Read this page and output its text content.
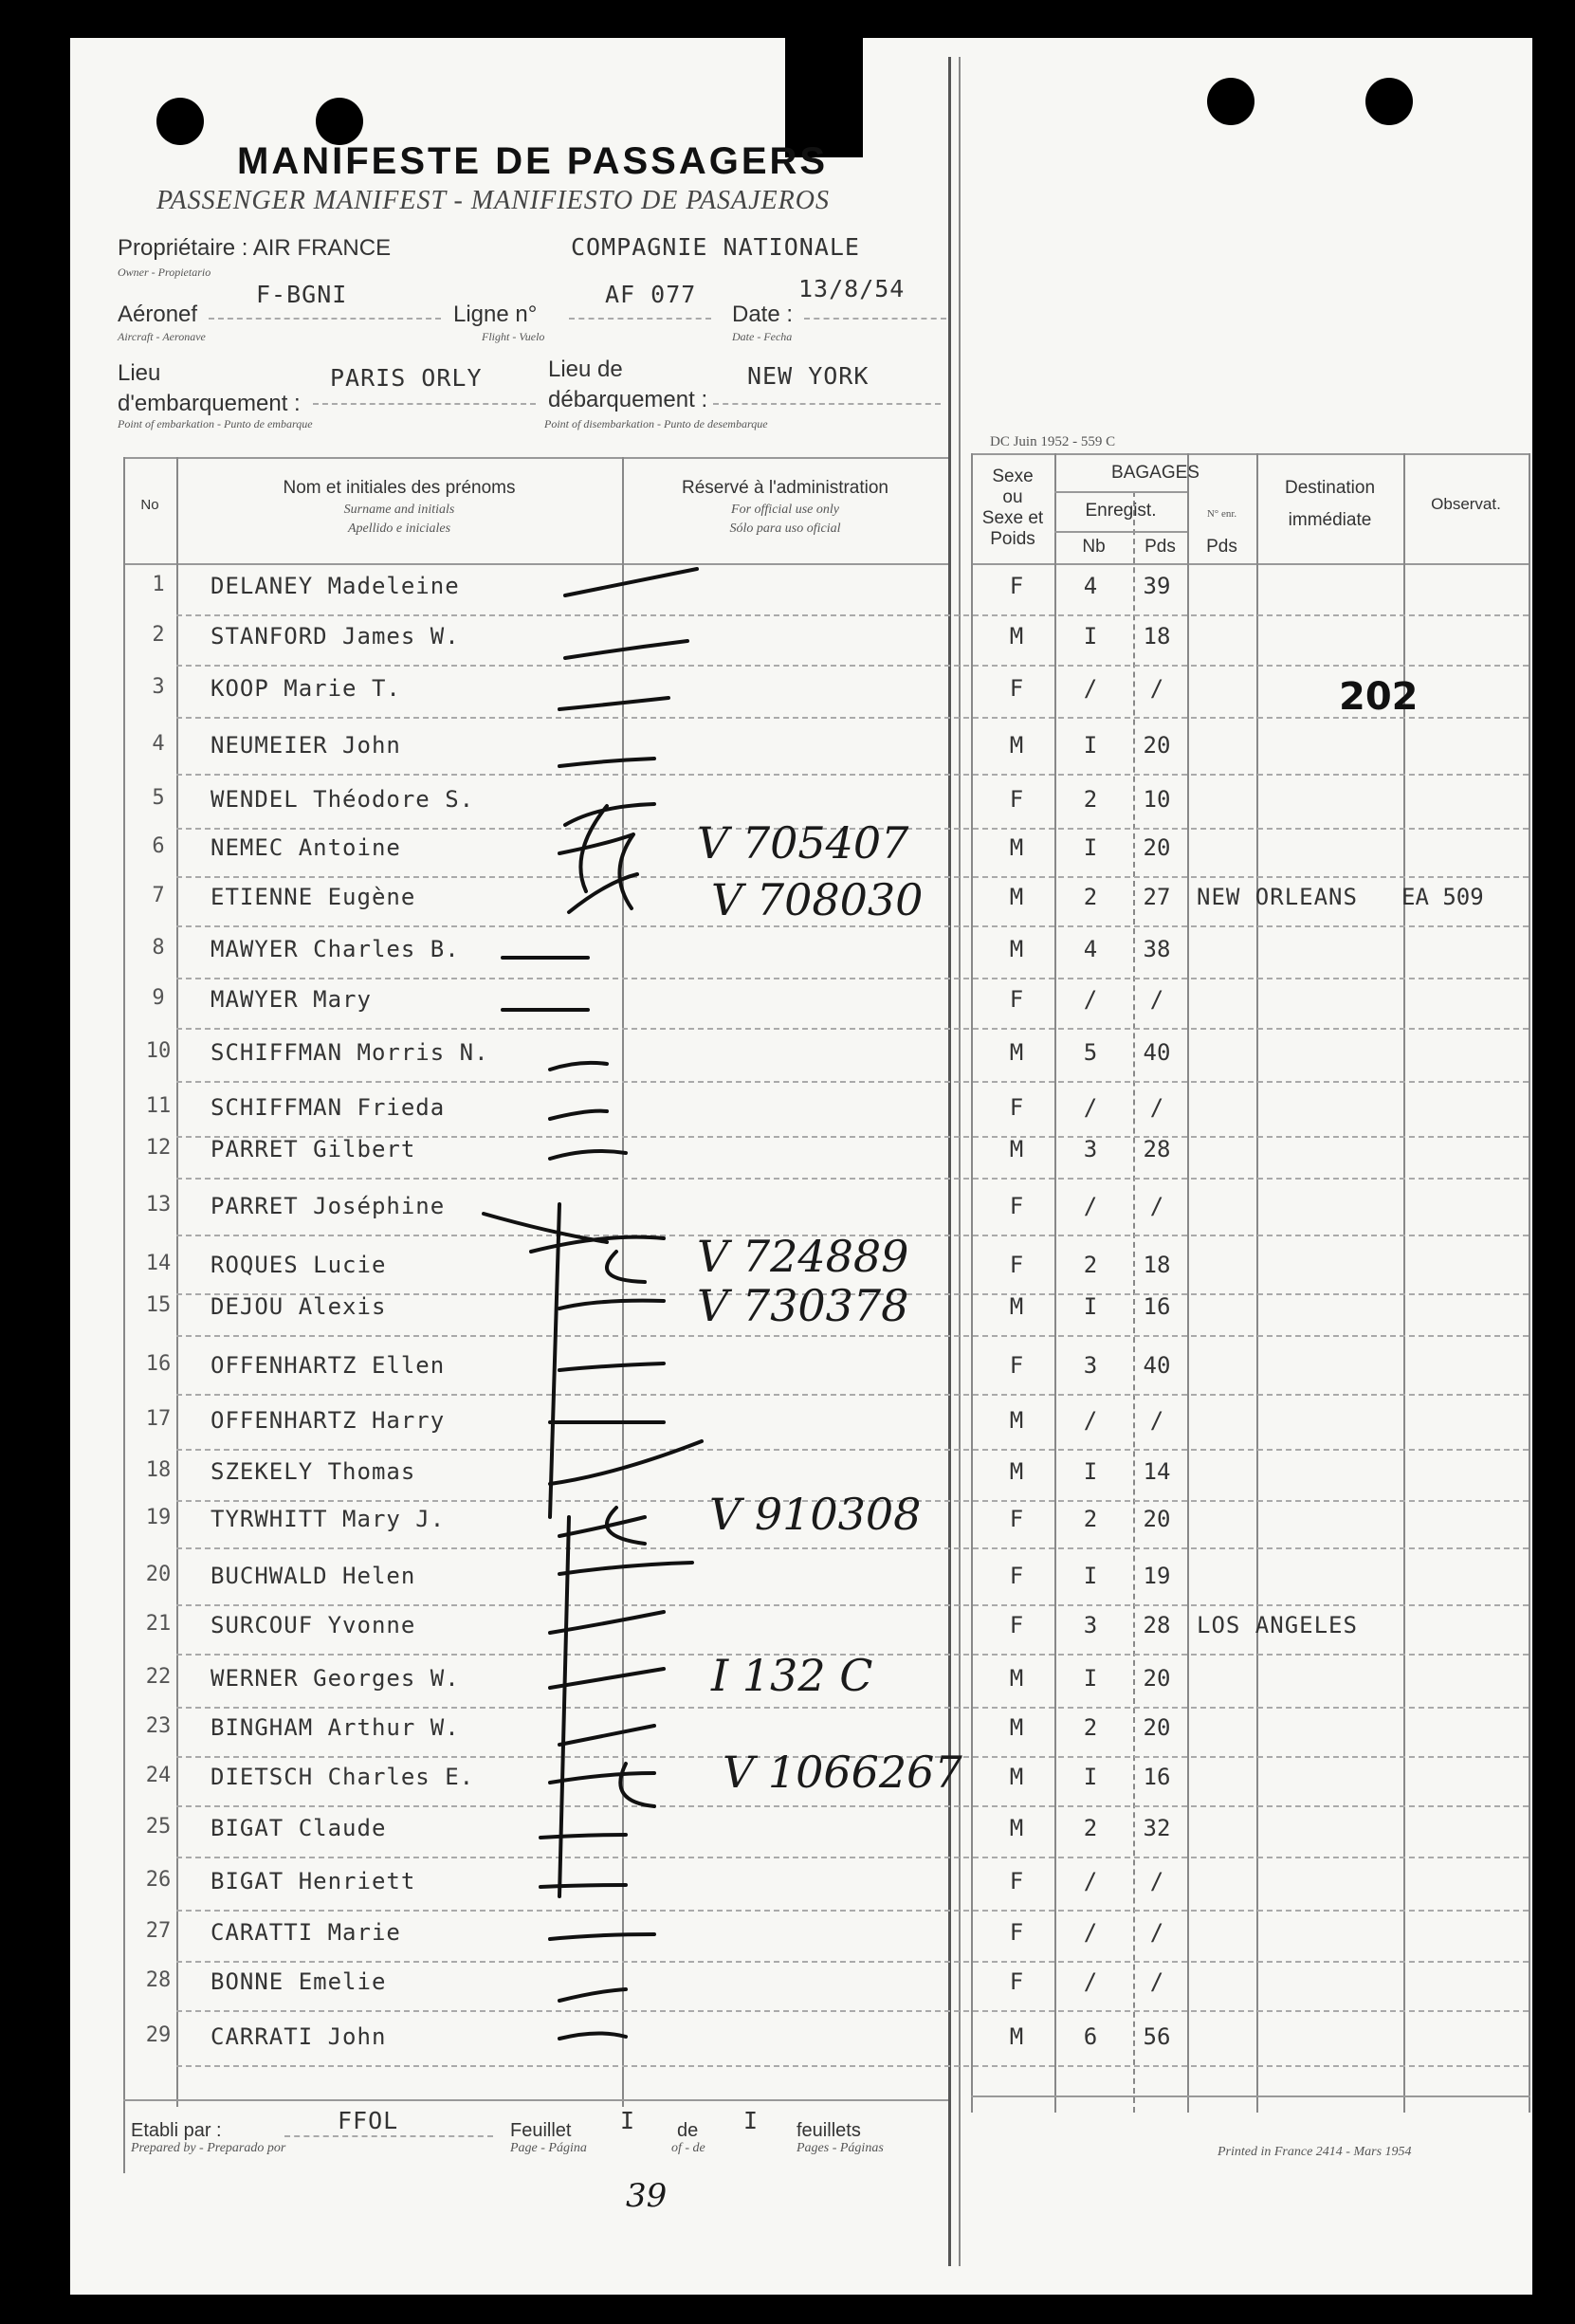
MANIFESTE DE PASSAGERS
PASSENGER MANIFEST - MANIFIESTO DE PASAJEROS
Propriétaire : AIR FRANCE
Owner - Propietario
COMPAGNIE NATIONALE
Aéronef
Aircraft - Aeronave
F-BGNI
Ligne n°
Flight - Vuelo
AF 077
Date :
Date - Fecha
13/8/54
Lieu d'embarquement :
Point of embarkation - Punto de embarque
PARIS ORLY	Lieu de débarquement :
Point of disembarkation - Punto de desembarque
NEW YORK
DC Juin 1952 - 559 C
No
Nom et initiales des prénoms
Surname and initials
Apellido e iniciales
Réservé à l'administration
For official use only
Sólo para uso oficial
Sexe
ou
Sexe et
Poids
BAGAGES
Enregist.
Nb	Pds
N° enr.
Pds
Destination
immédiate
Observat.
1	DELANEY Madeleine	F	4	39
2	STANFORD James W.	M	I	18
3	KOOP Marie T.	F	/	/
4	NEUMEIER John	M	I	20
5	WENDEL Théodore S.	F	2	10
6	NEMEC Antoine	M	I	20
7	ETIENNE Eugène	M	2	27	NEW ORLEANS EA 509
8	MAWYER Charles B.	M	4	38
9	MAWYER Mary	F	/	/
10	SCHIFFMAN Morris N.	M	5	40
11	SCHIFFMAN Frieda	F	/	/
12	PARRET Gilbert	M	3	28
13	PARRET Joséphine	F	/	/
14	ROQUES Lucie	F	2	18
15	DEJOU Alexis	M	I	16
16	OFFENHARTZ Ellen	F	3	40
17	OFFENHARTZ Harry	M	/	/
18	SZEKELY Thomas	M	I	14
19	TYRWHITT Mary J.	F	2	20
20	BUCHWALD Helen	F	I	19
21	SURCOUF Yvonne	F	3	28	LOS ANGELES
22	WERNER Georges W.	M	I	20
23	BINGHAM Arthur W.	M	2	20
24	DIETSCH Charles E.	M	I	16
25	BIGAT Claude	M	2	32
26	BIGAT Henriett	F	/	/
27	CARATTI Marie	F	/	/
28	BONNE Emelie	F	/	/
29	CARRATI John	M	6	56
V 705407
V 708030
V 724889
V 730378
V 910308
I 132 C
V 1066267
202
39
Etabli par :
Prepared by - Preparado por
FFOL	Feuillet
Page - Página
I de
of - de
I feuillets
Pages - Páginas	Printed in France 2414 - Mars 1954
